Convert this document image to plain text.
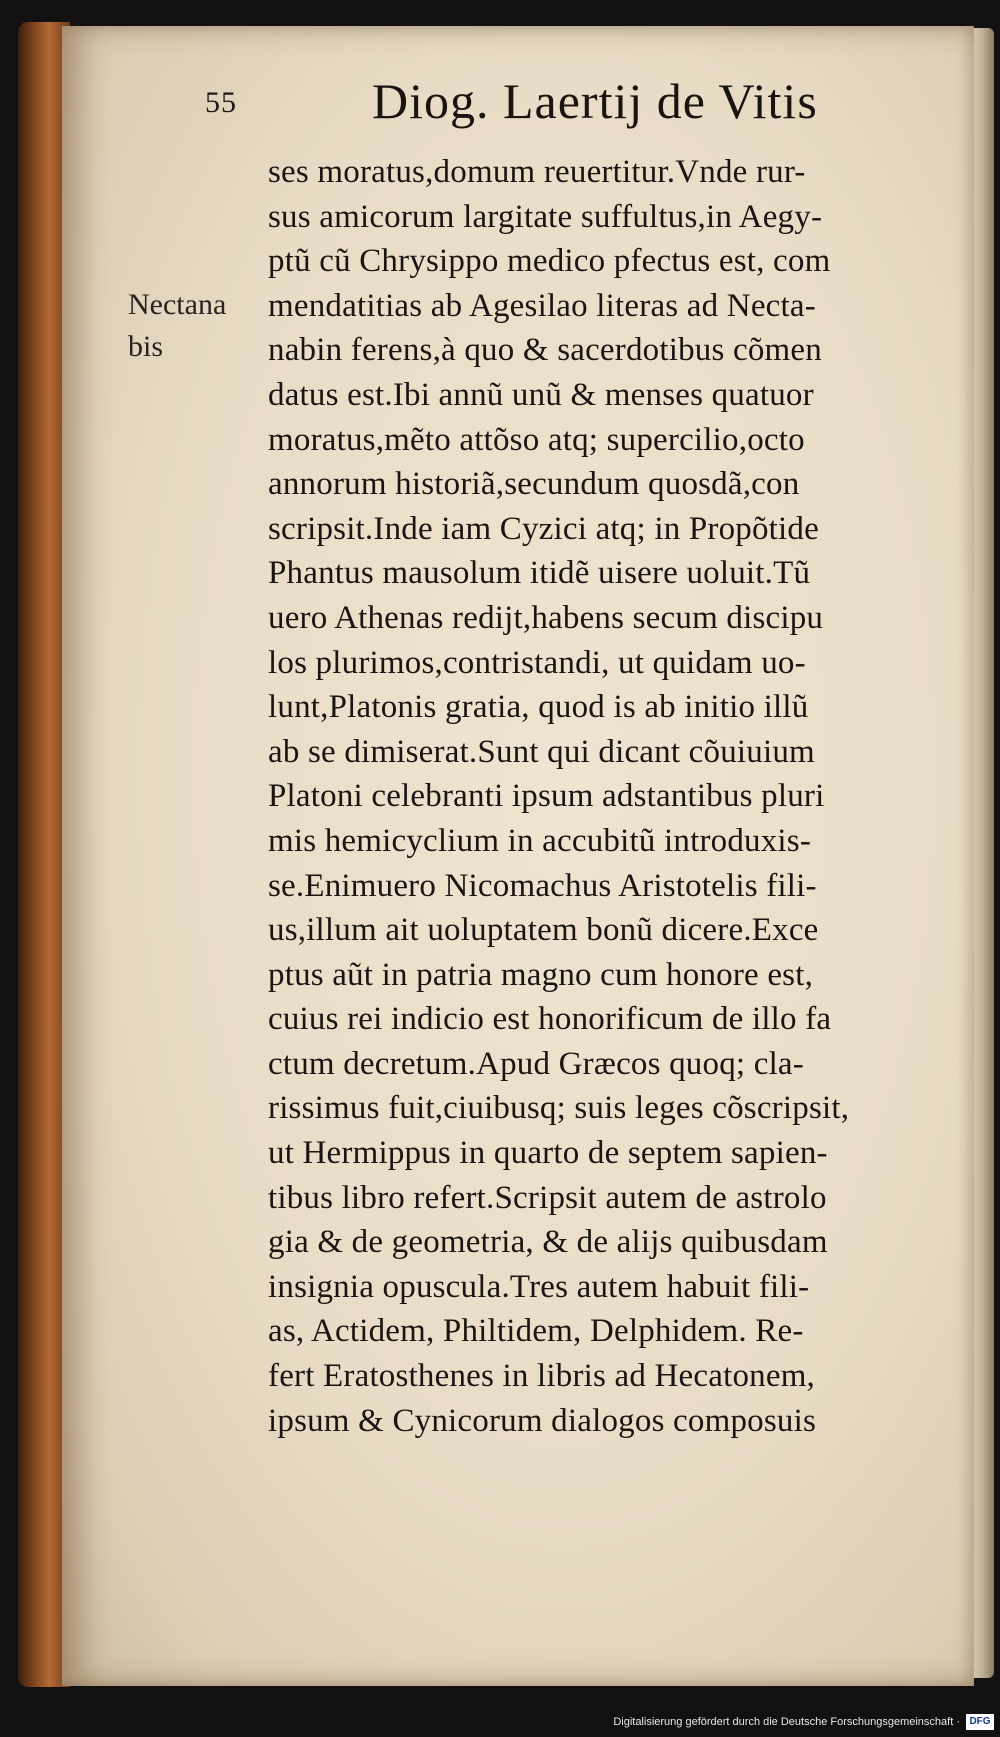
55	Diog. Laertij de Vitis
Nectana
bis
ses moratus,domum reuertitur.Vnde rur-
sus amicorum largitate suffultus,in Aegy-
ptũ cũ Chrysippo medico pfectus est, com
mendatitias ab Agesilao literas ad Necta-
nabin ferens,à quo & sacerdotibus cõmen
datus est.Ibi annũ unũ & menses quatuor
moratus,mẽto attõso atq; supercilio,octo
annorum historiã,secundum quosdã,con
scripsit.Inde iam Cyzici atq; in Propõtide
Phantus mausolum itidẽ uisere uoluit.Tũ
uero Athenas rediјt,habens secum discipu
los plurimos,contristandi, ut quidam uo-
lunt,Platonis gratia, quod is ab initio illũ
ab se dimiserat.Sunt qui dicant cõuiuium
Platoni celebranti ipsum adstantibus pluri
mis hemicyclium in accubitũ introduxis-
se.Enimuero Nicomachus Aristotelis fili-
us,illum ait uoluptatem bonũ dicere.Exce
ptus aũt in patria magno cum honore est,
cuius rei indicio est honorificum de illo fa
ctum decretum.Apud Græcos quoq; cla-
rissimus fuit,ciuibusq; suis leges cõscripsit,
ut Hermippus in quarto de septem sapien-
tibus libro refert.Scripsit autem de astrolo
gia & de geometria, & de alijs quibusdam
insignia opuscula.Tres autem habuit fili-
as, Actidem, Philtidem, Delphidem. Re-
fert Eratosthenes in libris ad Hecatonem,
ipsum & Cynicorum dialogos composuis
Digitalisierung gefördert durch die Deutsche Forschungsgemeinschaft · DFG
